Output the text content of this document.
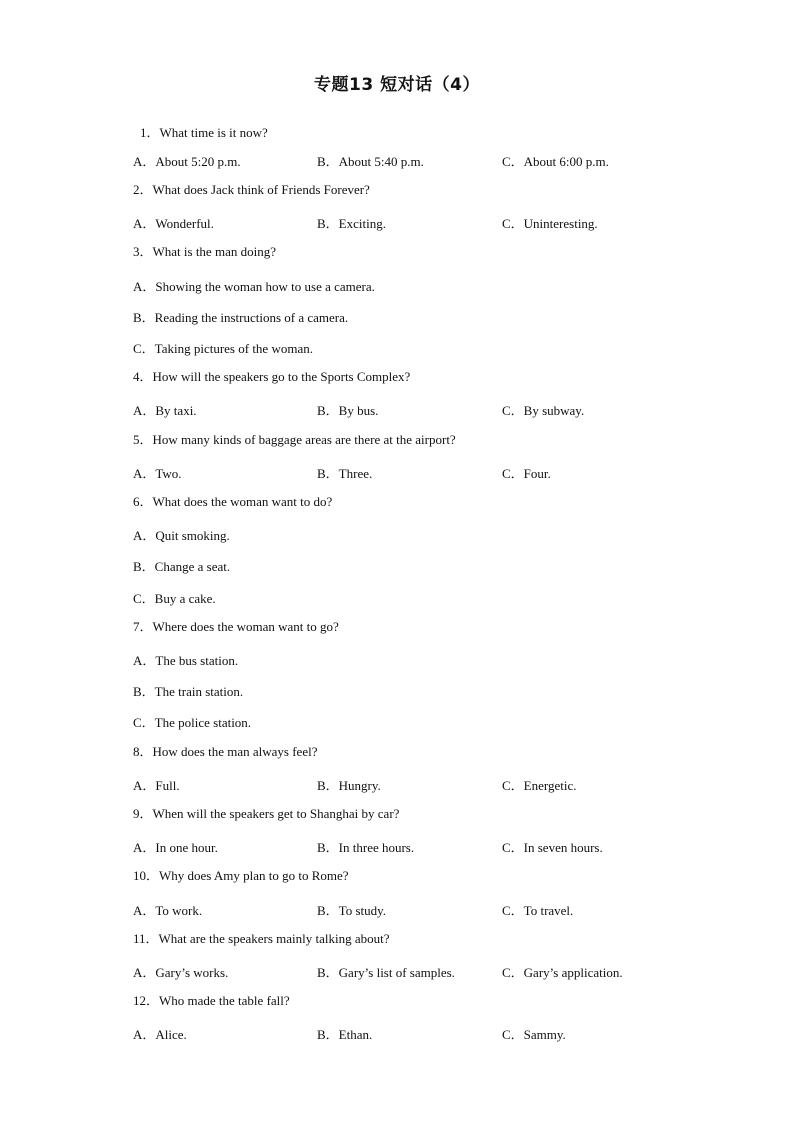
专题13 短对话（4）
1．What time is it now?
A．About 5:20 p.m.	B．About 5:40 p.m.	C．About 6:00 p.m.
2．What does Jack think of Friends Forever?
A．Wonderful.	B．Exciting.	C．Uninteresting.
3．What is the man doing?
A．Showing the woman how to use a camera.
B．Reading the instructions of a camera.
C．Taking pictures of the woman.
4．How will the speakers go to the Sports Complex?
A．By taxi.	B．By bus.	C．By subway.
5．How many kinds of baggage areas are there at the airport?
A．Two.	B．Three.	C．Four.
6．What does the woman want to do?
A．Quit smoking.
B．Change a seat.
C．Buy a cake.
7．Where does the woman want to go?
A．The bus station.
B．The train station.
C．The police station.
8．How does the man always feel?
A．Full.	B．Hungry.	C．Energetic.
9．When will the speakers get to Shanghai by car?
A．In one hour.	B．In three hours.	C．In seven hours.
10．Why does Amy plan to go to Rome?
A．To work.	B．To study.	C．To travel.
11．What are the speakers mainly talking about?
A．Gary’s works.	B．Gary’s list of samples.	C．Gary’s application.
12．Who made the table fall?
A．Alice.	B．Ethan.	C．Sammy.
